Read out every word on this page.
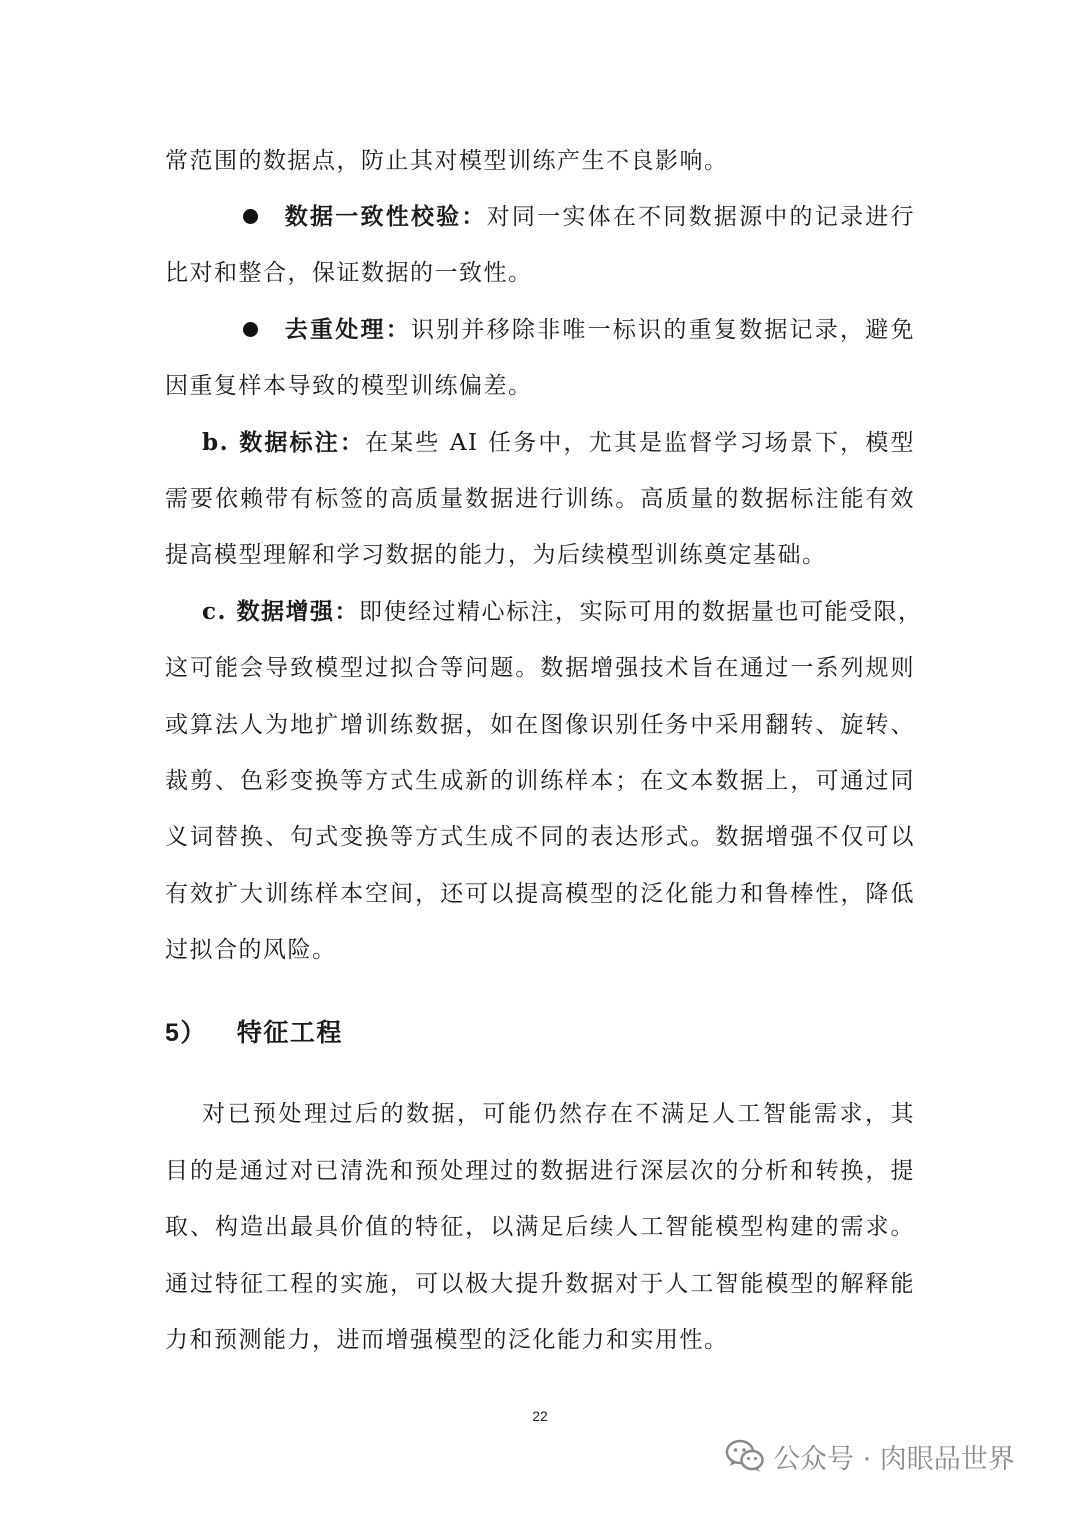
常范围的数据点，防止其对模型训练产生不良影响。
数据一致性校验：对同一实体在不同数据源中的记录进行
比对和整合，保证数据的一致性。
去重处理：识别并移除非唯一标识的重复数据记录，避免
因重复样本导致的模型训练偏差。
b. 数据标注：在某些 AI 任务中，尤其是监督学习场景下，模型
需要依赖带有标签的高质量数据进行训练。高质量的数据标注能有效
提高模型理解和学习数据的能力，为后续模型训练奠定基础。
c. 数据增强：即使经过精心标注，实际可用的数据量也可能受限，
这可能会导致模型过拟合等问题。数据增强技术旨在通过一系列规则
或算法人为地扩增训练数据，如在图像识别任务中采用翻转、旋转、
裁剪、色彩变换等方式生成新的训练样本；在文本数据上，可通过同
义词替换、句式变换等方式生成不同的表达形式。数据增强不仅可以
有效扩大训练样本空间，还可以提高模型的泛化能力和鲁棒性，降低
过拟合的风险。
5） 特征工程
对已预处理过后的数据，可能仍然存在不满足人工智能需求，其
目的是通过对已清洗和预处理过的数据进行深层次的分析和转换，提
取、构造出最具价值的特征，以满足后续人工智能模型构建的需求。
通过特征工程的实施，可以极大提升数据对于人工智能模型的解释能
力和预测能力，进而增强模型的泛化能力和实用性。
22
公众号 · 肉眼品世界
